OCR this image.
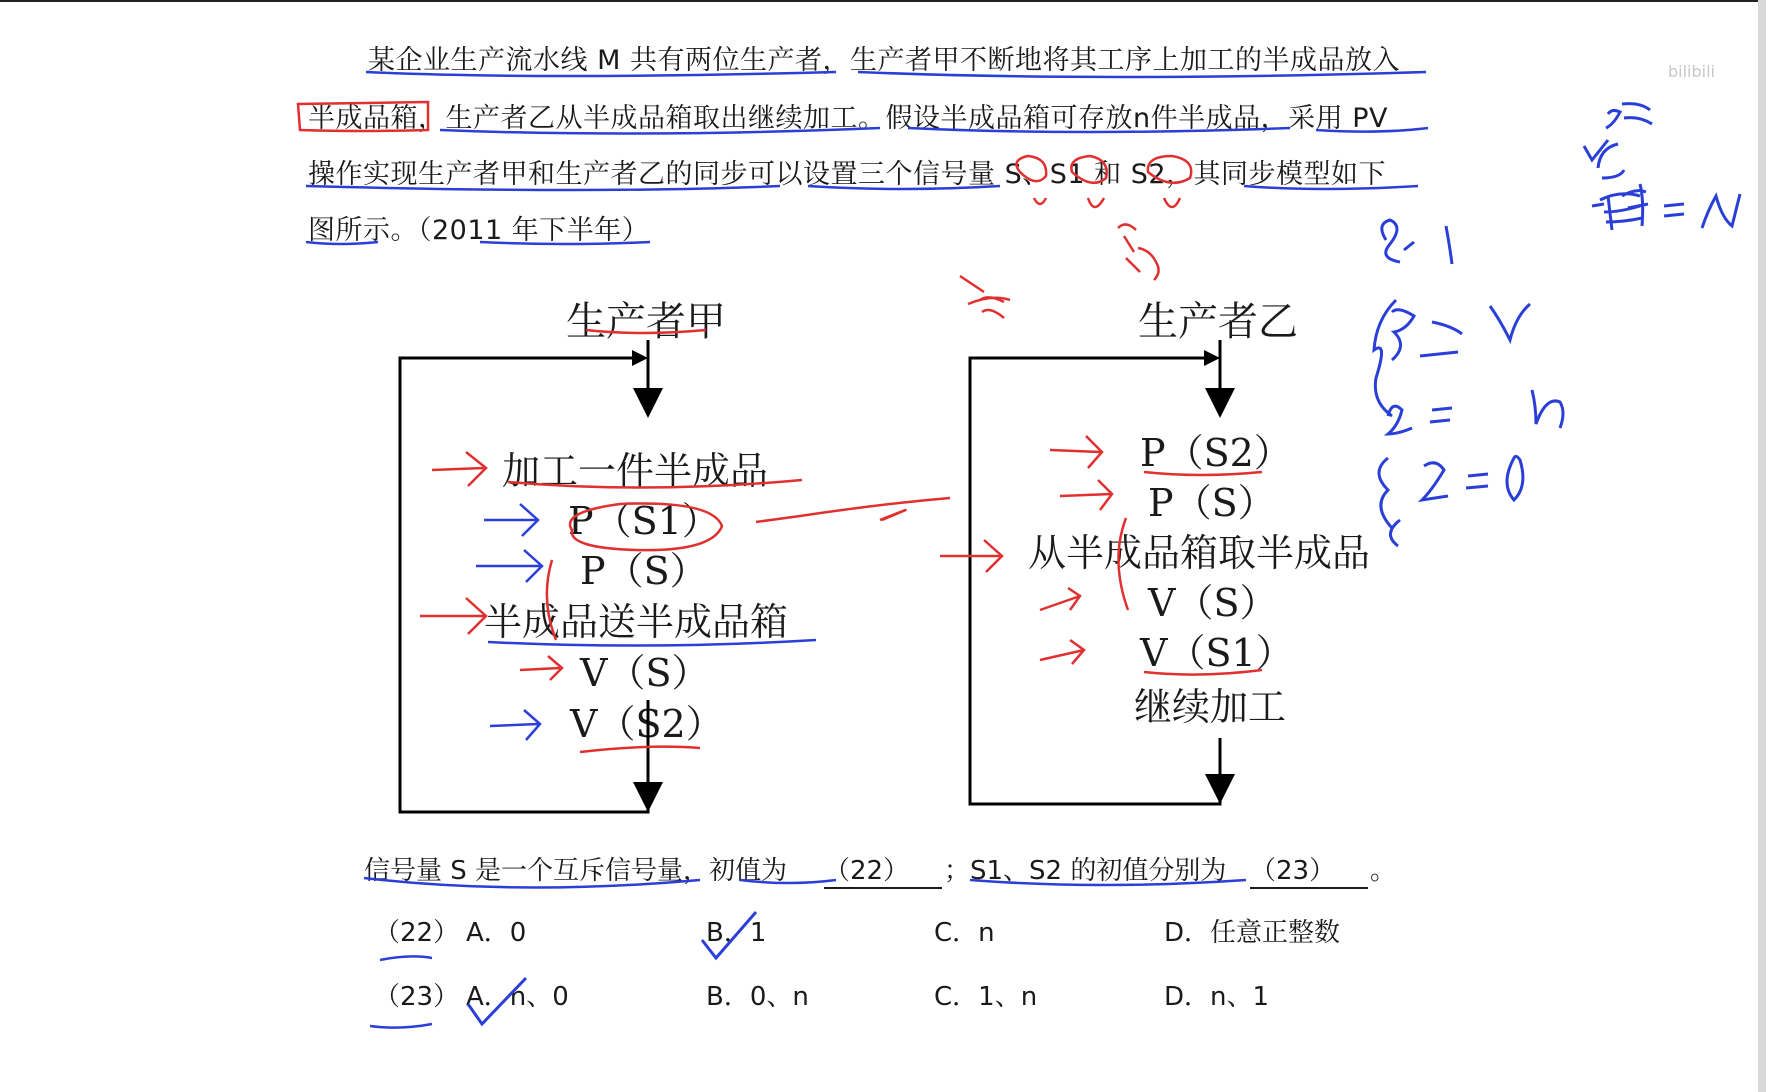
bilibili
某企业生产流水线 M 共有两位生产者，生产者甲不断地将其工序上加工的半成品放入
半成品箱，生产者乙从半成品箱取出继续加工。假设半成品箱可存放n件半成品，采用 PV
操作实现生产者甲和生产者乙的同步可以设置三个信号量 S、S1 和 S2，其同步模型如下
图所示。（2011 年下半年）
生产者甲	生产者乙
加工一件半成品
P（S1）
P（S）
半成品送半成品箱
V（S）
V（S2）
P（S2）
P（S）
从半成品箱取半成品
V（S）
V（S1）
继续加工
信号量 S 是一个互斥信号量，初值为 （22）	；S1、S2 的初值分别为 （23）	。
（22） A．0	B．1	C．n	D．任意正整数
（23） A．n、0	B．0、n	C．1、n	D．n、1
